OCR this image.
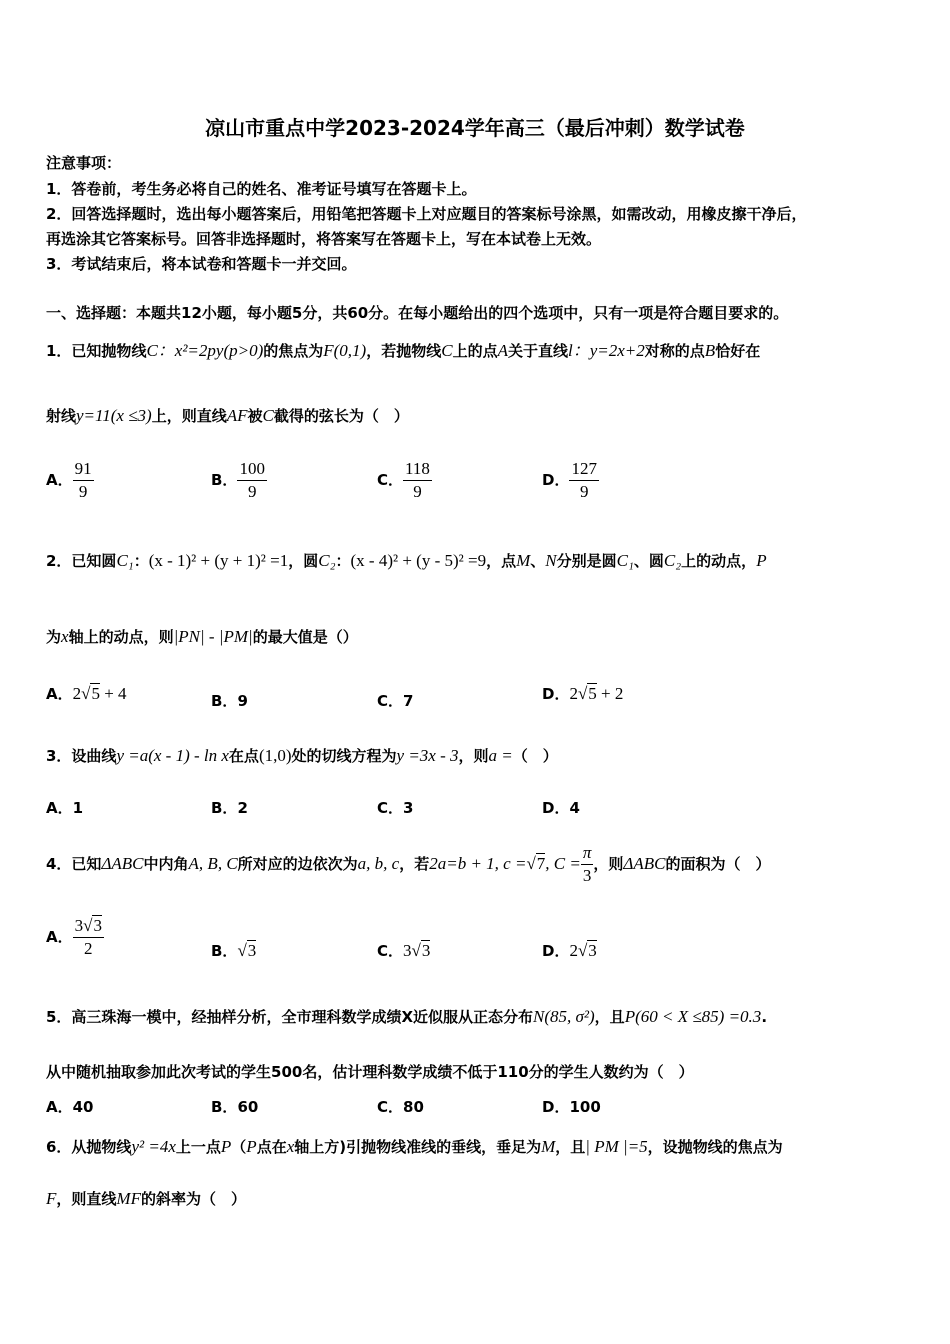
凉山市重点中学2023-2024学年高三（最后冲刺）数学试卷
注意事项：
1．答卷前，考生务必将自己的姓名、准考证号填写在答题卡上。
2．回答选择题时，选出每小题答案后，用铅笔把答题卡上对应题目的答案标号涂黑，如需改动，用橡皮擦干净后，
再选涂其它答案标号。回答非选择题时，将答案写在答题卡上，写在本试卷上无效。
3．考试结束后，将本试卷和答题卡一并交回。
一、选择题：本题共12小题，每小题5分，共60分。在每小题给出的四个选项中，只有一项是符合题目要求的。
1．已知抛物线C：x²=2py(p>0)的焦点为F(0,1)，若抛物线C上的点A关于直线l：y=2x+2对称的点B恰好在
射线y=11(x ≤3)上，则直线AF被C截得的弦长为（　）
A． $\frac{91}{9}$	B． $\frac{100}{9}$	C． $\frac{118}{9}$	D． $\frac{127}{9}$
2．已知圆C₁：(x - 1)² + (y + 1)² =1，圆C₂：(x - 4)² + (y - 5)² =9，点M、N分别是圆C₁、圆C₂上的动点，P
为x轴上的动点，则|PN| - |PM|的最大值是（）
A．2√5 + 4	B．9	C．7	D．2√5 + 2
3．设曲线y =a(x - 1) - ln x在点(1,0)处的切线方程为y =3x - 3，则a =（　）
A．1	B．2	C．3	D．4
4．已知ΔABC中内角A, B, C所对应的边依次为a, b, c，若2a=b + 1, c =√7, $C = \frac{\pi}{3}$ ，则ΔABC的面积为（　）
A． $\frac{3√3}{2}$	B．√3	C．3√3	D．2√3
5．高三珠海一模中，经抽样分析，全市理科数学成绩X近似服从正态分布N(85, σ²)，且P(60 < X ≤85) =0.3.
从中随机抽取参加此次考试的学生500名，估计理科数学成绩不低于110分的学生人数约为（　）
A．40	B．60	C．80	D．100
6．从抛物线y² =4x上一点P（P点在x轴上方)引抛物线准线的垂线，垂足为M，且| PM |=5，设抛物线的焦点为
F，则直线MF的斜率为（　）
